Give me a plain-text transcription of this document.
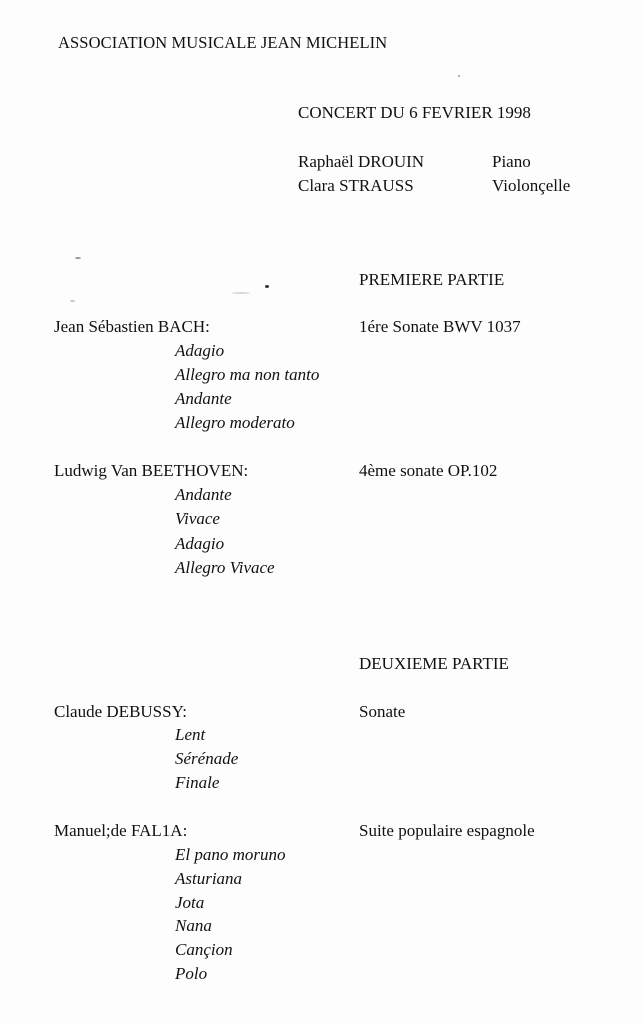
ASSOCIATION MUSICALE JEAN MICHELIN
CONCERT DU 6 FEVRIER 1998
Raphaël DROUIN	Piano
Clara STRAUSS	Violonçelle
PREMIERE PARTIE
Jean Sébastien BACH:	1ére Sonate BWV 1037
Adagio
Allegro ma non tanto
Andante
Allegro moderato
Ludwig Van BEETHOVEN:	4ème sonate OP.102
Andante
Vivace
Adagio
Allegro Vivace
DEUXIEME PARTIE
Claude DEBUSSY:	Sonate
Lent
Sérénade
Finale
Manuel;de FAL1A:	Suite populaire espagnole
El pano moruno
Asturiana
Jota
Nana
Cançion
Polo
